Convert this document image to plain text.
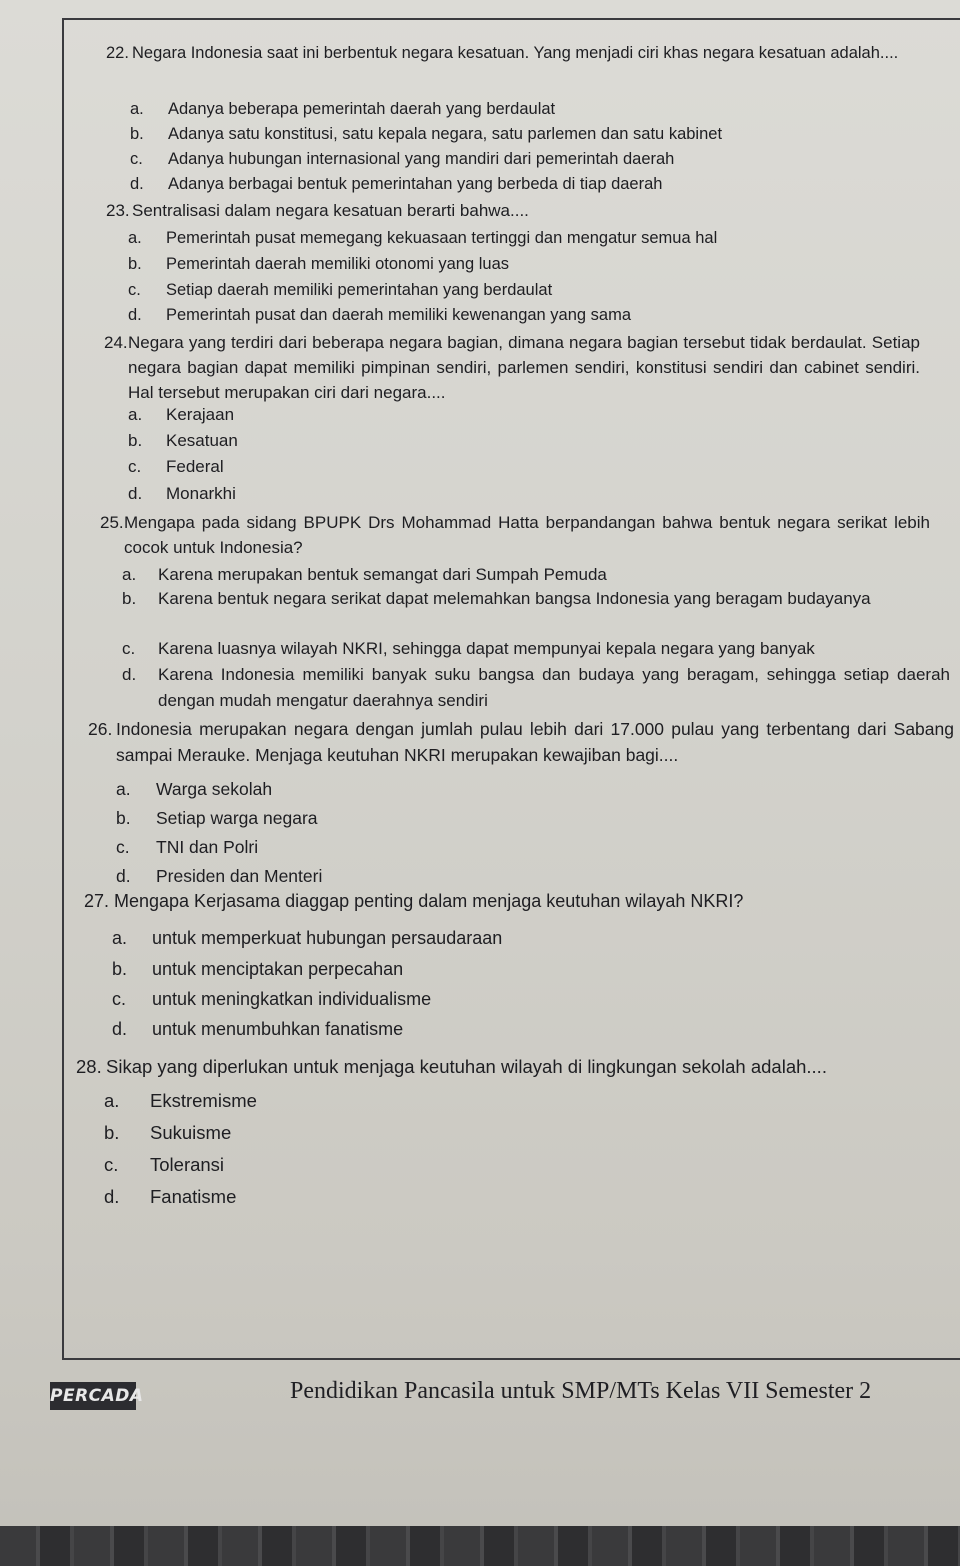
22. Negara Indonesia saat ini berbentuk negara kesatuan. Yang menjadi ciri khas negara kesatuan adalah....
a. Adanya beberapa pemerintah daerah yang berdaulat
b. Adanya satu konstitusi, satu kepala negara, satu parlemen dan satu kabinet
c. Adanya hubungan internasional yang mandiri dari pemerintah daerah
d. Adanya berbagai bentuk pemerintahan yang berbeda di tiap daerah
23. Sentralisasi dalam negara kesatuan berarti bahwa....
a. Pemerintah pusat memegang kekuasaan tertinggi dan mengatur semua hal
b. Pemerintah daerah memiliki otonomi yang luas
c. Setiap daerah memiliki pemerintahan yang berdaulat
d. Pemerintah pusat dan daerah memiliki kewenangan yang sama
24.Negara yang terdiri dari beberapa negara bagian, dimana negara bagian tersebut tidak berdaulat. Setiap negara bagian dapat memiliki pimpinan sendiri, parlemen sendiri, konstitusi sendiri dan cabinet sendiri. Hal tersebut merupakan ciri dari negara....
a. Kerajaan
b. Kesatuan
c. Federal
d. Monarkhi
25.Mengapa pada sidang BPUPK Drs Mohammad Hatta berpandangan bahwa bentuk negara serikat lebih cocok untuk Indonesia?
a. Karena merupakan bentuk semangat dari Sumpah Pemuda
b. Karena bentuk negara serikat dapat melemahkan bangsa Indonesia yang beragam budayanya
c. Karena luasnya wilayah NKRI, sehingga dapat mempunyai kepala negara yang banyak
d. Karena Indonesia memiliki banyak suku bangsa dan budaya yang beragam, sehingga setiap daerah dengan mudah mengatur daerahnya sendiri
26. Indonesia merupakan negara dengan jumlah pulau lebih dari 17.000 pulau yang terbentang dari Sabang sampai Merauke. Menjaga keutuhan NKRI merupakan kewajiban bagi....
a. Warga sekolah
b. Setiap warga negara
c. TNI dan Polri
d. Presiden dan Menteri
27. Mengapa Kerjasama diaggap penting dalam menjaga keutuhan wilayah NKRI?
a. untuk memperkuat hubungan persaudaraan
b. untuk menciptakan perpecahan
c. untuk meningkatkan individualisme
d. untuk menumbuhkan fanatisme
28. Sikap yang diperlukan untuk menjaga keutuhan wilayah di lingkungan sekolah adalah....
a. Ekstremisme
b. Sukuisme
c. Toleransi
d. Fanatisme
PERCADA	Pendidikan Pancasila untuk SMP/MTs Kelas VII Semester 2
